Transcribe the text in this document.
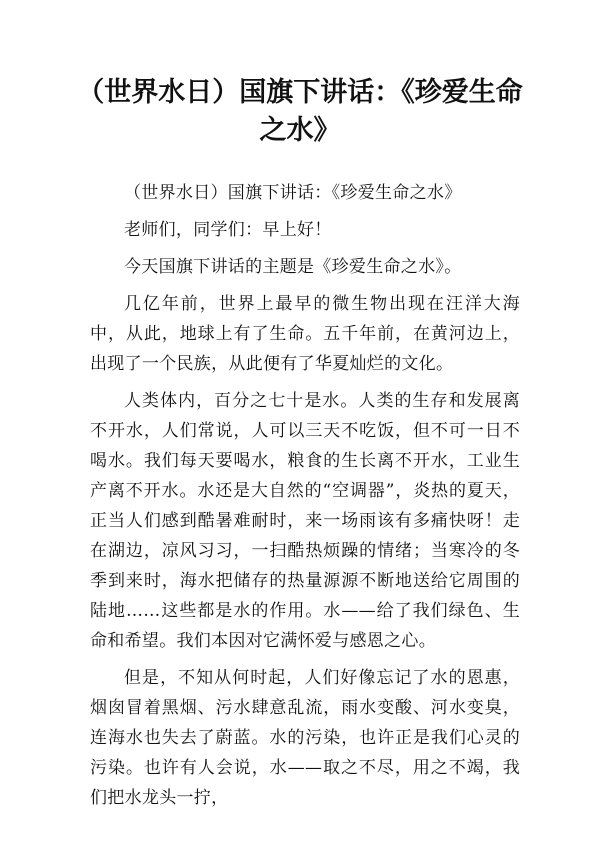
（世界水日）国旗下讲话：《珍爱生命之水》

（世界水日）国旗下讲话：《珍爱生命之水》

老师们，同学们：早上好！

今天国旗下讲话的主题是《珍爱生命之水》。

几亿年前，世界上最早的微生物出现在汪洋大海中，从此，地球上有了生命。五千年前，在黄河边上，出现了一个民族，从此便有了华夏灿烂的文化。

人类体内，百分之七十是水。人类的生存和发展离不开水，人们常说，人可以三天不吃饭，但不可一日不喝水。我们每天要喝水，粮食的生长离不开水，工业生产离不开水。水还是大自然的“空调器”，炎热的夏天，正当人们感到酷暑难耐时，来一场雨该有多痛快呀！走在湖边，凉风习习，一扫酷热烦躁的情绪；当寒冷的冬季到来时，海水把储存的热量源源不断地送给它周围的陆地……这些都是水的作用。水——给了我们绿色、生命和希望。我们本因对它满怀爱与感恩之心。

但是，不知从何时起，人们好像忘记了水的恩惠，烟囱冒着黑烟、污水肆意乱流，雨水变酸、河水变臭，连海水也失去了蔚蓝。水的污染，也许正是我们心灵的污染。也许有人会说，水——取之不尽，用之不竭，我们把水龙头一拧，
